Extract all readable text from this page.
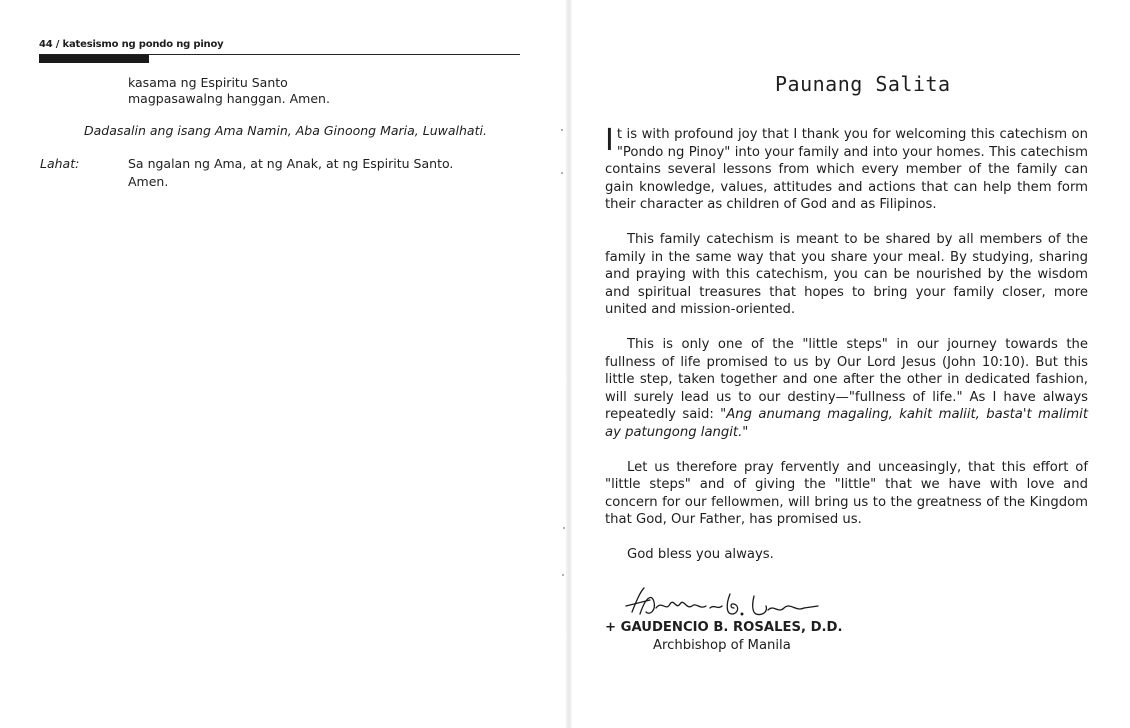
44 / katesismo ng pondo ng pinoy
kasama ng Espiritu Santo
magpasawalng hanggan. Amen.
Dadasalin ang isang Ama Namin, Aba Ginoong Maria, Luwalhati.
Lahat:	Sa ngalan ng Ama, at ng Anak, at ng Espiritu Santo.
Amen.
Paunang Salita

It is with profound joy that I thank you for welcoming this catechism on "Pondo ng Pinoy" into your family and into your homes. This catechism contains several lessons from which every member of the family can gain knowledge, values, attitudes and actions that can help them form their character as children of God and as Filipinos.

This family catechism is meant to be shared by all members of the family in the same way that you share your meal. By studying, sharing and praying with this catechism, you can be nourished by the wisdom and spiritual treasures that hopes to bring your family closer, more united and mission-oriented.

This is only one of the "little steps" in our journey towards the fullness of life promised to us by Our Lord Jesus (John 10:10). But this little step, taken together and one after the other in dedicated fashion, will surely lead us to our destiny—"fullness of life." As I have always repeatedly said: "Ang anumang magaling, kahit maliit, basta't malimit ay patungong langit."

Let us therefore pray fervently and unceasingly, that this effort of "little steps" and of giving the "little" that we have with love and concern for our fellowmen, will bring us to the greatness of the Kingdom that God, Our Father, has promised us.

God bless you always.

+ GAUDENCIO B. ROSALES, D.D.
Archbishop of Manila
